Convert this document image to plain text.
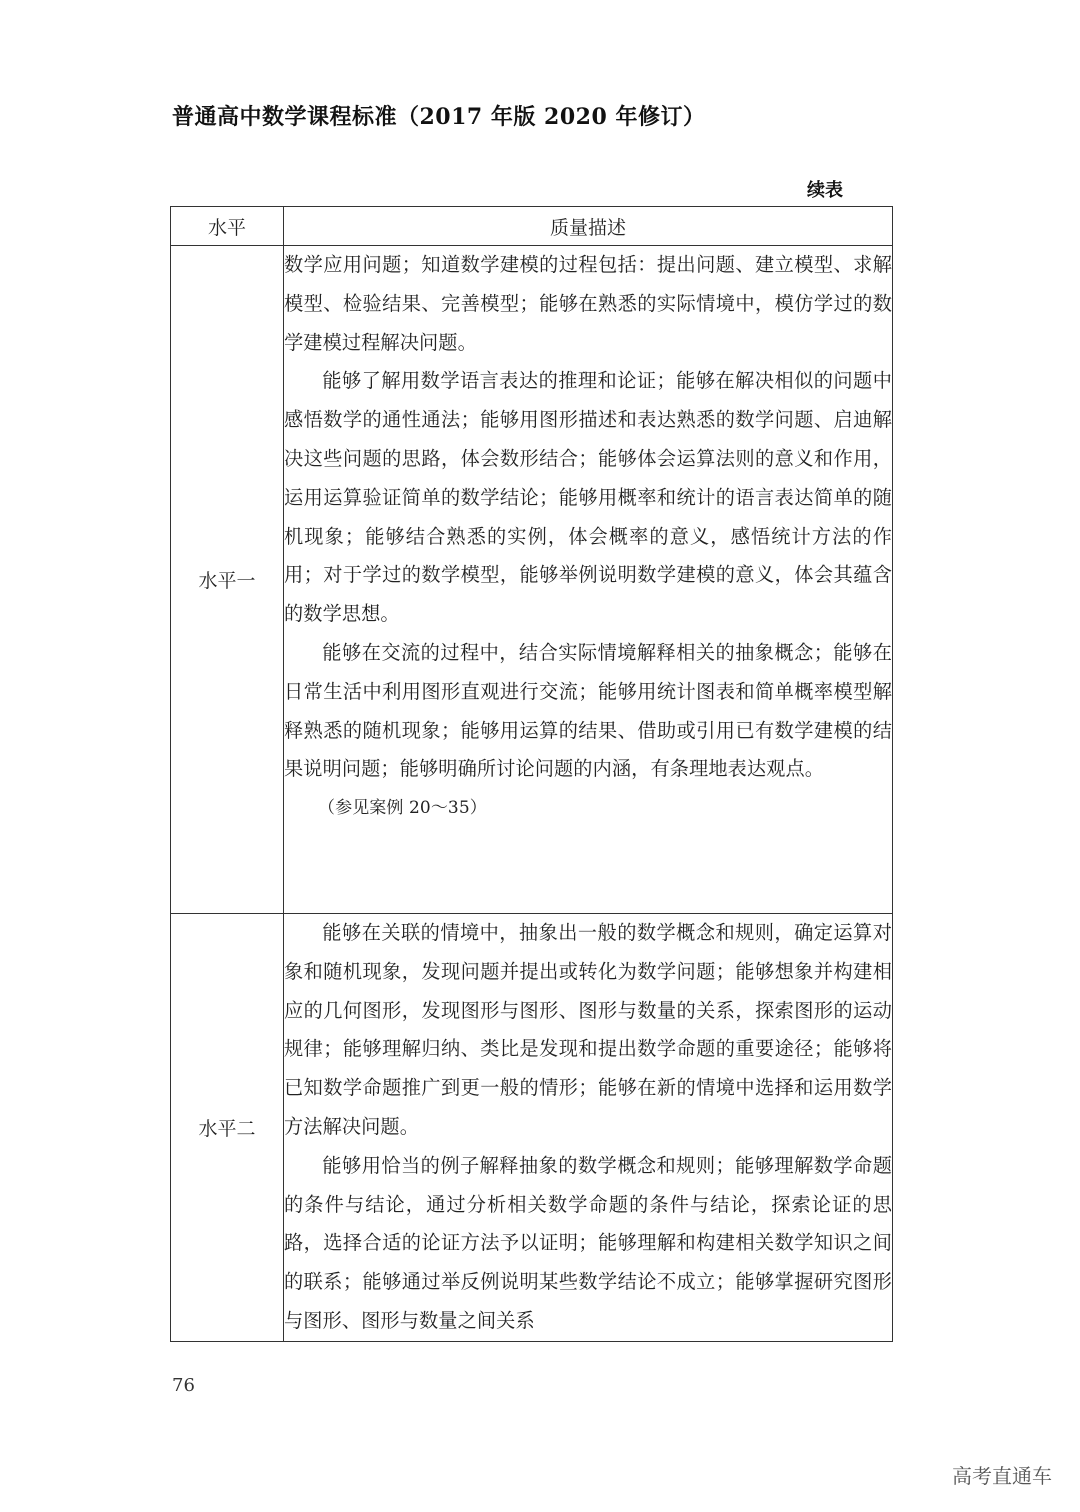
普通高中数学课程标准（2017 年版 2020 年修订）
续表
水平	质量描述
水平一	数学应用问题；知道数学建模的过程包括：提出问题、建立模型、求解模型、检验结果、完善模型；能够在熟悉的实际情境中，模仿学过的数学建模过程解决问题。

能够了解用数学语言表达的推理和论证；能够在解决相似的问题中感悟数学的通性通法；能够用图形描述和表达熟悉的数学问题、启迪解决这些问题的思路，体会数形结合；能够体会运算法则的意义和作用，运用运算验证简单的数学结论；能够用概率和统计的语言表达简单的随机现象；能够结合熟悉的实例，体会概率的意义，感悟统计方法的作用；对于学过的数学模型，能够举例说明数学建模的意义，体会其蕴含的数学思想。

能够在交流的过程中，结合实际情境解释相关的抽象概念；能够在日常生活中利用图形直观进行交流；能够用统计图表和简单概率模型解释熟悉的随机现象；能够用运算的结果、借助或引用已有数学建模的结果说明问题；能够明确所讨论问题的内涵，有条理地表达观点。

（参见案例 20～35）

水平二	能够在关联的情境中，抽象出一般的数学概念和规则，确定运算对象和随机现象，发现问题并提出或转化为数学问题；能够想象并构建相应的几何图形，发现图形与图形、图形与数量的关系，探索图形的运动规律；能够理解归纳、类比是发现和提出数学命题的重要途径；能够将已知数学命题推广到更一般的情形；能够在新的情境中选择和运用数学方法解决问题。

能够用恰当的例子解释抽象的数学概念和规则；能够理解数学命题的条件与结论，通过分析相关数学命题的条件与结论，探索论证的思路，选择合适的论证方法予以证明；能够理解和构建相关数学知识之间的联系；能够通过举反例说明某些数学结论不成立；能够掌握研究图形与图形、图形与数量之间关系

76
高考直通车
